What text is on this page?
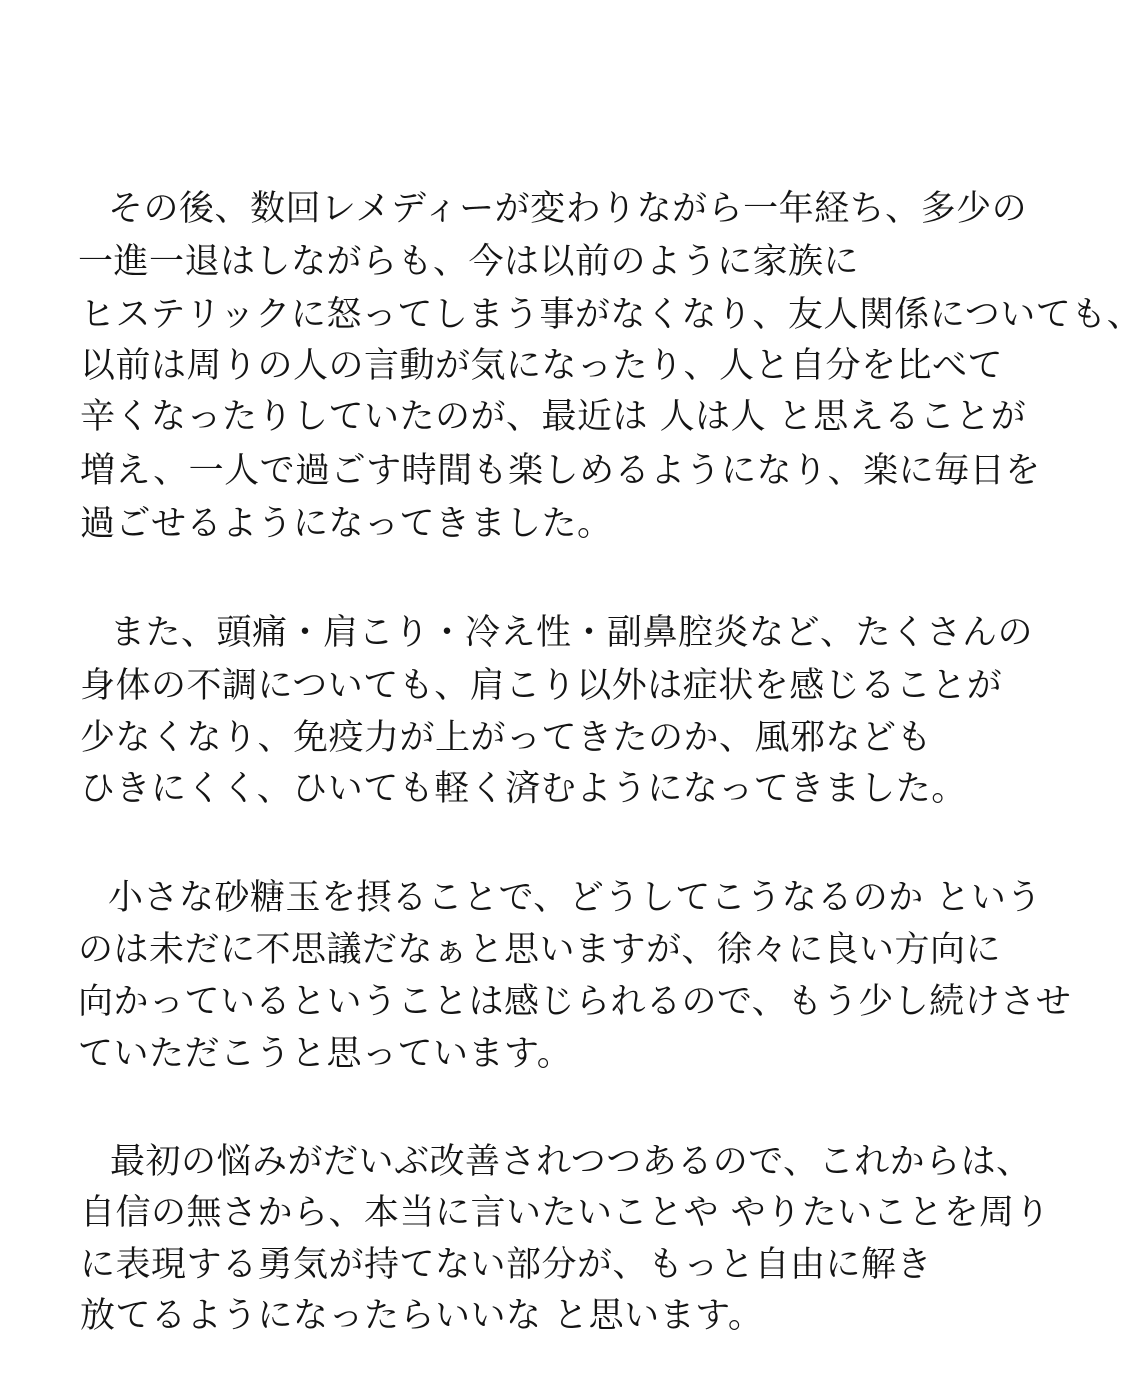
その後、数回レメディーが変わりながら一年経ち、多少の

一進一退はしながらも、今は以前のように家族に

ヒステリックに怒ってしまう事がなくなり、友人関係についても、

以前は周りの人の言動が気になったり、人と自分を比べて

辛くなったりしていたのが、最近は 人は人 と思えることが

増え、一人で過ごす時間も楽しめるようになり、楽に毎日を

過ごせるようになってきました。

また、頭痛・肩こり・冷え性・副鼻腔炎など、たくさんの

身体の不調についても、肩こり以外は症状を感じることが

少なくなり、免疫力が上がってきたのか、風邪なども

ひきにくく、ひいても軽く済むようになってきました。

小さな砂糖玉を摂ることで、どうしてこうなるのか という

のは未だに不思議だなぁと思いますが、徐々に良い方向に

向かっているということは感じられるので、もう少し続けさせ

ていただこうと思っています。

最初の悩みがだいぶ改善されつつあるので、これからは、

自信の無さから、本当に言いたいことや やりたいことを周り

に表現する勇気が持てない部分が、もっと自由に解き

放てるようになったらいいな と思います。
